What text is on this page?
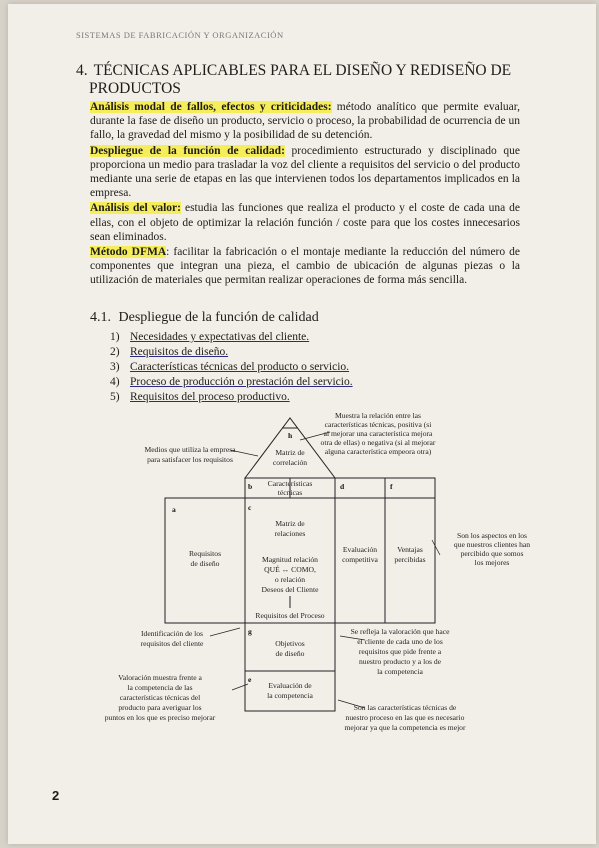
SISTEMAS DE FABRICACIÓN Y ORGANIZACIÓN
4. TÉCNICAS APLICABLES PARA EL DISEÑO Y REDISEÑO DE
PRODUCTOS

Análisis modal de fallos, efectos y criticidades: método analítico que permite evaluar, durante la fase de diseño un producto, servicio o proceso, la probabilidad de ocurrencia de un fallo, la gravedad del mismo y la posibilidad de su detención.

Despliegue de la función de calidad: procedimiento estructurado y disciplinado que proporciona un medio para trasladar la voz del cliente a requisitos del servicio o del producto mediante una serie de etapas en las que intervienen todos los departamentos implicados en la empresa.

Análisis del valor: estudia las funciones que realiza el producto y el coste de cada una de ellas, con el objeto de optimizar la relación función / coste para que los costes innecesarios sean eliminados.

Método DFMA: facilitar la fabricación o el montaje mediante la reducción del número de componentes que integran una pieza, el cambio de ubicación de algunas piezas o la utilización de materiales que permitan realizar operaciones de forma más sencilla.

4.1. Despliegue de la función de calidad
1) Necesidades y expectativas del cliente.
2) Requisitos de diseño.
3) Características técnicas del producto o servicio.
4) Proceso de producción o prestación del servicio.
5) Requisitos del proceso productivo.
a
b
c
d
e
f
g
h
Matriz de
correlación
Características
técnicas
Matriz de
relaciones
Requisitos
de diseño	Magnitud relación
QUÉ ↔ COMO,
o relación
Deseos del Cliente
Requisitos del Proceso
Evaluación
competitiva
Ventajas
percibidas
Objetivos
de diseño
Evaluación de
la competencia
Medios que utiliza la empresa
para satisfacer los requisitos
Muestra la relación entre las
características técnicas, positiva (si
al mejorar una característica mejora
otra de ellas) o negativa (si al mejorar
alguna característica empeora otra)
Son los aspectos en los
que nuestros clientes han
percibido que somos
los mejores
Identificación de los
requisitos del cliente
Se refleja la valoración que hace
el cliente de cada uno de los
requisitos que pide frente a
nuestro producto y a los de
la competencia
Valoración muestra frente a
la competencia de las
características técnicas del
producto para averiguar los
puntos en los que es preciso mejorar
Son las características técnicas de
nuestro proceso en las que es necesario
mejorar ya que la competencia es mejor
2
